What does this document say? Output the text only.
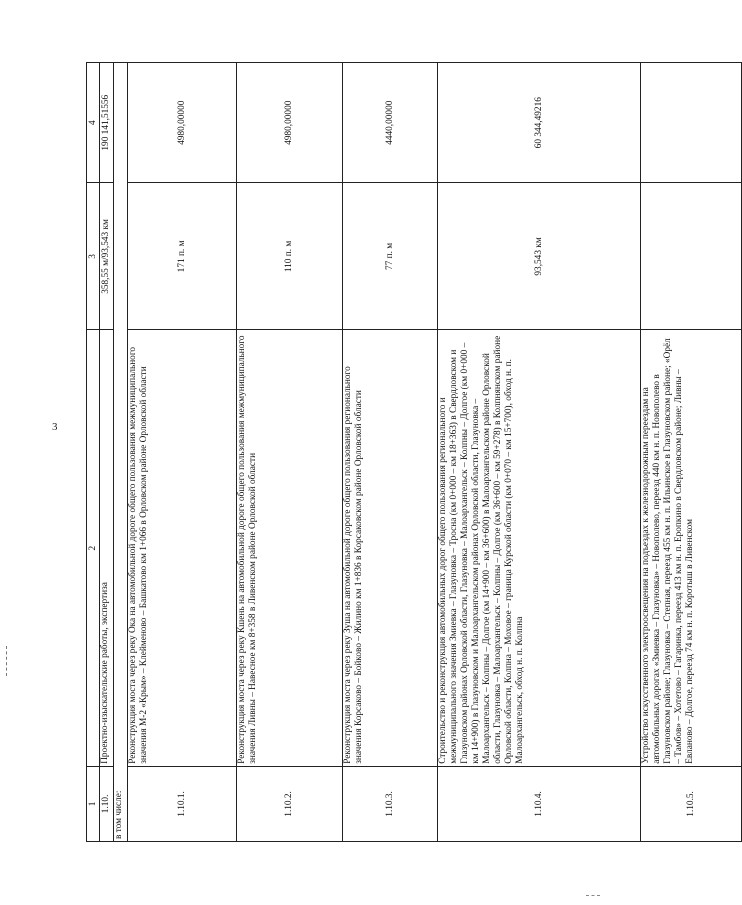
3
1	2	3	4
1.10.	Проектно-изыскательские работы, экспертиза	358,55 м/93,543 км	190 141,51556
в том числе:			
1.10.1.	Реконструкция моста через реку Ока на автомобильной дороге общего пользования межмуниципального значения М-2 «Крым» – Клейменово – Башкатово км 1+066 в Орловском районе Орловской области	171 п. м	4980,00000
1.10.2.	Реконструкция моста через реку Кшень на автомобильной дороге общего пользования межмуниципального значения Ливны – Навесное км 8+358 в Ливенском районе Орловской области	110 п. м	4980,00000
1.10.3.	Реконструкция моста через реку Зуша на автомобильной дороге общего пользования регионального значения Корсаково – Бойково – Жилино км 1+836 в Корсаковском районе Орловской области	77 п. м	4440,00000
1.10.4.	Строительство и реконструкция автомобильных дорог общего пользования регионального и межмуниципального значения Змиевка – Глазуновка – Тросна (км 0+000 – км 18+363) в Свердловском и Глазуновском районах Орловской области, Глазуновка – Малоархангельск – Колпны – Долгое (км 0+000 – км 14+900) в Глазуновском и Малоархангельском районах Орловской области, Глазуновка – Малоархангельск – Колпны – Долгое (км 14+900 – км 36+600) в Малоархангельском районе Орловской области, Глазуновка – Малоархангельск – Колпны – Долгое (км 36+600 – км 59+278) в Колпнянском районе Орловской области, Колпна – Моховое – граница Курской области (км 0+070 – км 15+700), обход н. п. Малоархангельск, обход н. п. Колпна	93,543 км	60 344,49216
1.10.5.	Устройство искусственного электроосвещения на подъездах к железнодорожным переездам на автомобильных дорогах «Змиевка – Глазуновка» – Новополево, переезд 440 км н. п. Новополево в Глазуновском районе; Глазуновка – Степная, переезд 455 км н. п. Ильинское в Глазуновском районе; «Орёл – Тамбов» – Хотетово – Гагаринка, переезд 413 км н. п. Еропкино в Свердловском районе; Ливны – Евланово – Долгое, переезд 74 км н. п. Коротыш в Ливенском		
